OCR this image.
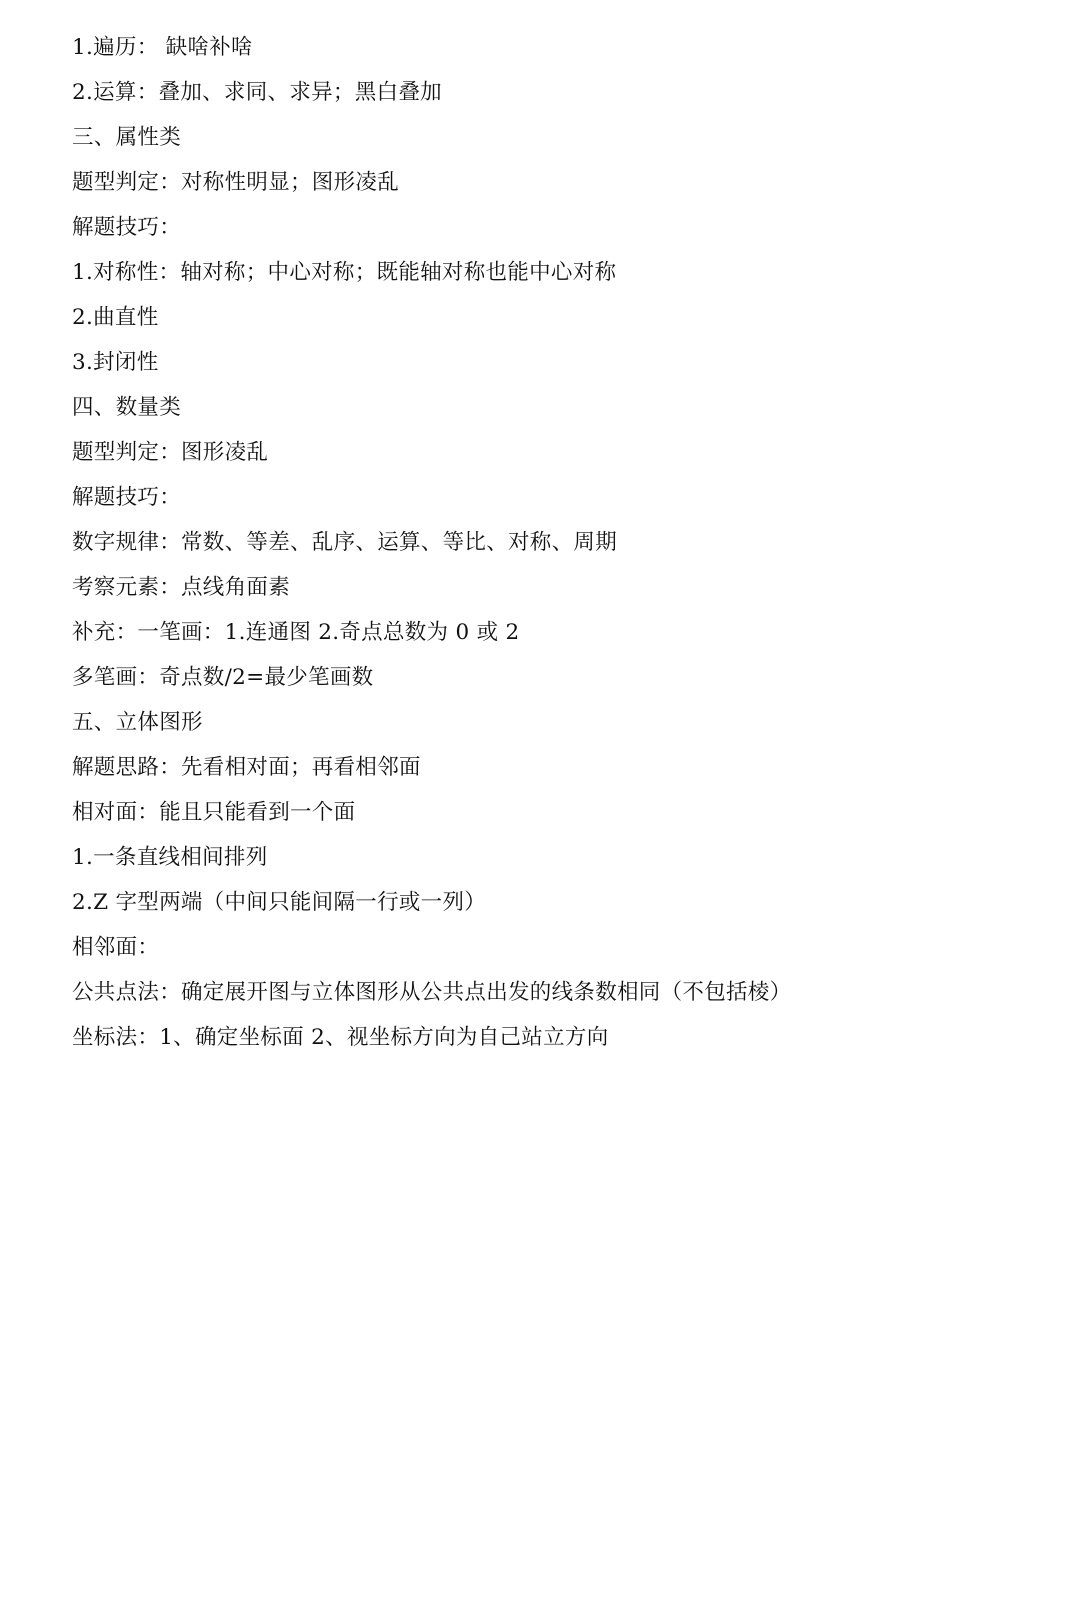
1.遍历： 缺啥补啥
2.运算：叠加、求同、求异；黑白叠加
三、属性类
题型判定：对称性明显；图形凌乱
解题技巧：
1.对称性：轴对称；中心对称；既能轴对称也能中心对称
2.曲直性
3.封闭性
四、数量类
题型判定：图形凌乱
解题技巧：
数字规律：常数、等差、乱序、运算、等比、对称、周期
考察元素：点线角面素
补充：一笔画：1.连通图 2.奇点总数为 0 或 2
多笔画：奇点数/2=最少笔画数
五、立体图形
解题思路：先看相对面；再看相邻面
相对面：能且只能看到一个面
1.一条直线相间排列
2.Z 字型两端（中间只能间隔一行或一列）
相邻面：
公共点法：确定展开图与立体图形从公共点出发的线条数相同（不包括棱）
坐标法：1、确定坐标面 2、视坐标方向为自己站立方向
